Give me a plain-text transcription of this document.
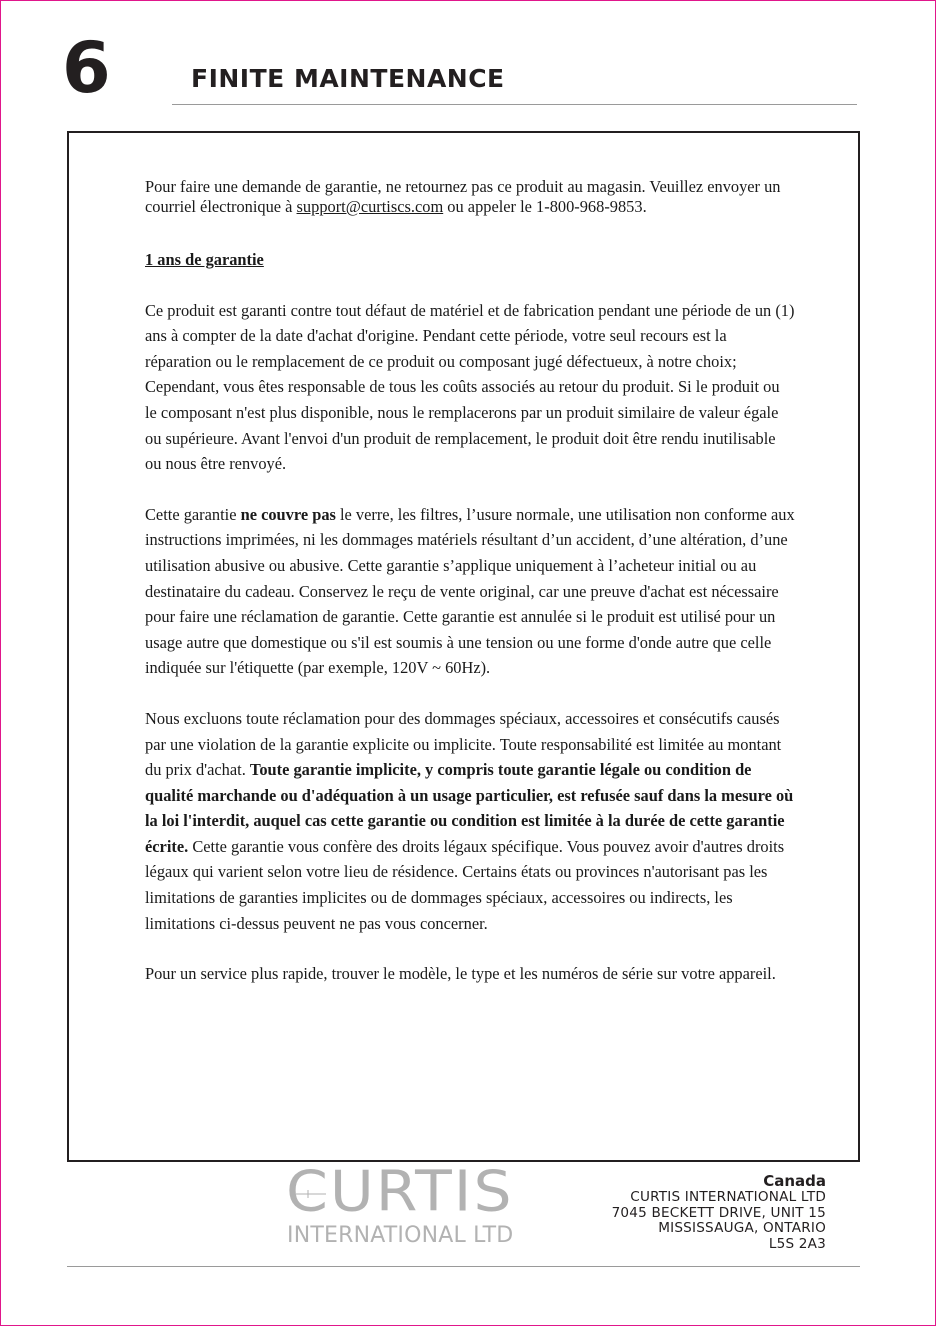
6	FINITE MAINTENANCE

Pour faire une demande de garantie, ne retournez pas ce produit au magasin. Veuillez envoyer un courriel électronique à support@curtiscs.com ou appeler le 1-800-968-9853.

1 ans de garantie

Ce produit est garanti contre tout défaut de matériel et de fabrication pendant une période de un (1) ans à compter de la date d'achat d'origine. Pendant cette période, votre seul recours est la réparation ou le remplacement de ce produit ou composant jugé défectueux, à notre choix; Cependant, vous êtes responsable de tous les coûts associés au retour du produit. Si le produit ou le composant n'est plus disponible, nous le remplacerons par un produit similaire de valeur égale ou supérieure. Avant l'envoi d'un produit de remplacement, le produit doit être rendu inutilisable ou nous être renvoyé.

Cette garantie ne couvre pas le verre, les filtres, l’usure normale, une utilisation non conforme aux instructions imprimées, ni les dommages matériels résultant d’un accident, d’une altération, d’une utilisation abusive ou abusive. Cette garantie s’applique uniquement à l’acheteur initial ou au destinataire du cadeau. Conservez le reçu de vente original, car une preuve d'achat est nécessaire pour faire une réclamation de garantie. Cette garantie est annulée si le produit est utilisé pour un usage autre que domestique ou s'il est soumis à une tension ou une forme d'onde autre que celle indiquée sur l'étiquette (par exemple, 120V ~ 60Hz).

Nous excluons toute réclamation pour des dommages spéciaux, accessoires et consécutifs causés par une violation de la garantie explicite ou implicite. Toute responsabilité est limitée au montant du prix d'achat. Toute garantie implicite, y compris toute garantie légale ou condition de qualité marchande ou d'adéquation à un usage particulier, est refusée sauf dans la mesure où la loi l'interdit, auquel cas cette garantie ou condition est limitée à la durée de cette garantie écrite. Cette garantie vous confère des droits légaux spécifique. Vous pouvez avoir d'autres droits légaux qui varient selon votre lieu de résidence. Certains états ou provinces n'autorisant pas les limitations de garanties implicites ou de dommages spéciaux, accessoires ou indirects, les limitations ci-dessus peuvent ne pas vous concerner.

Pour un service plus rapide, trouver le modèle, le type et les numéros de série sur votre appareil.

CURTIS
INTERNATIONAL LTD
Canada
CURTIS INTERNATIONAL LTD
7045 BECKETT DRIVE, UNIT 15
MISSISSAUGA, ONTARIO
L5S 2A3
